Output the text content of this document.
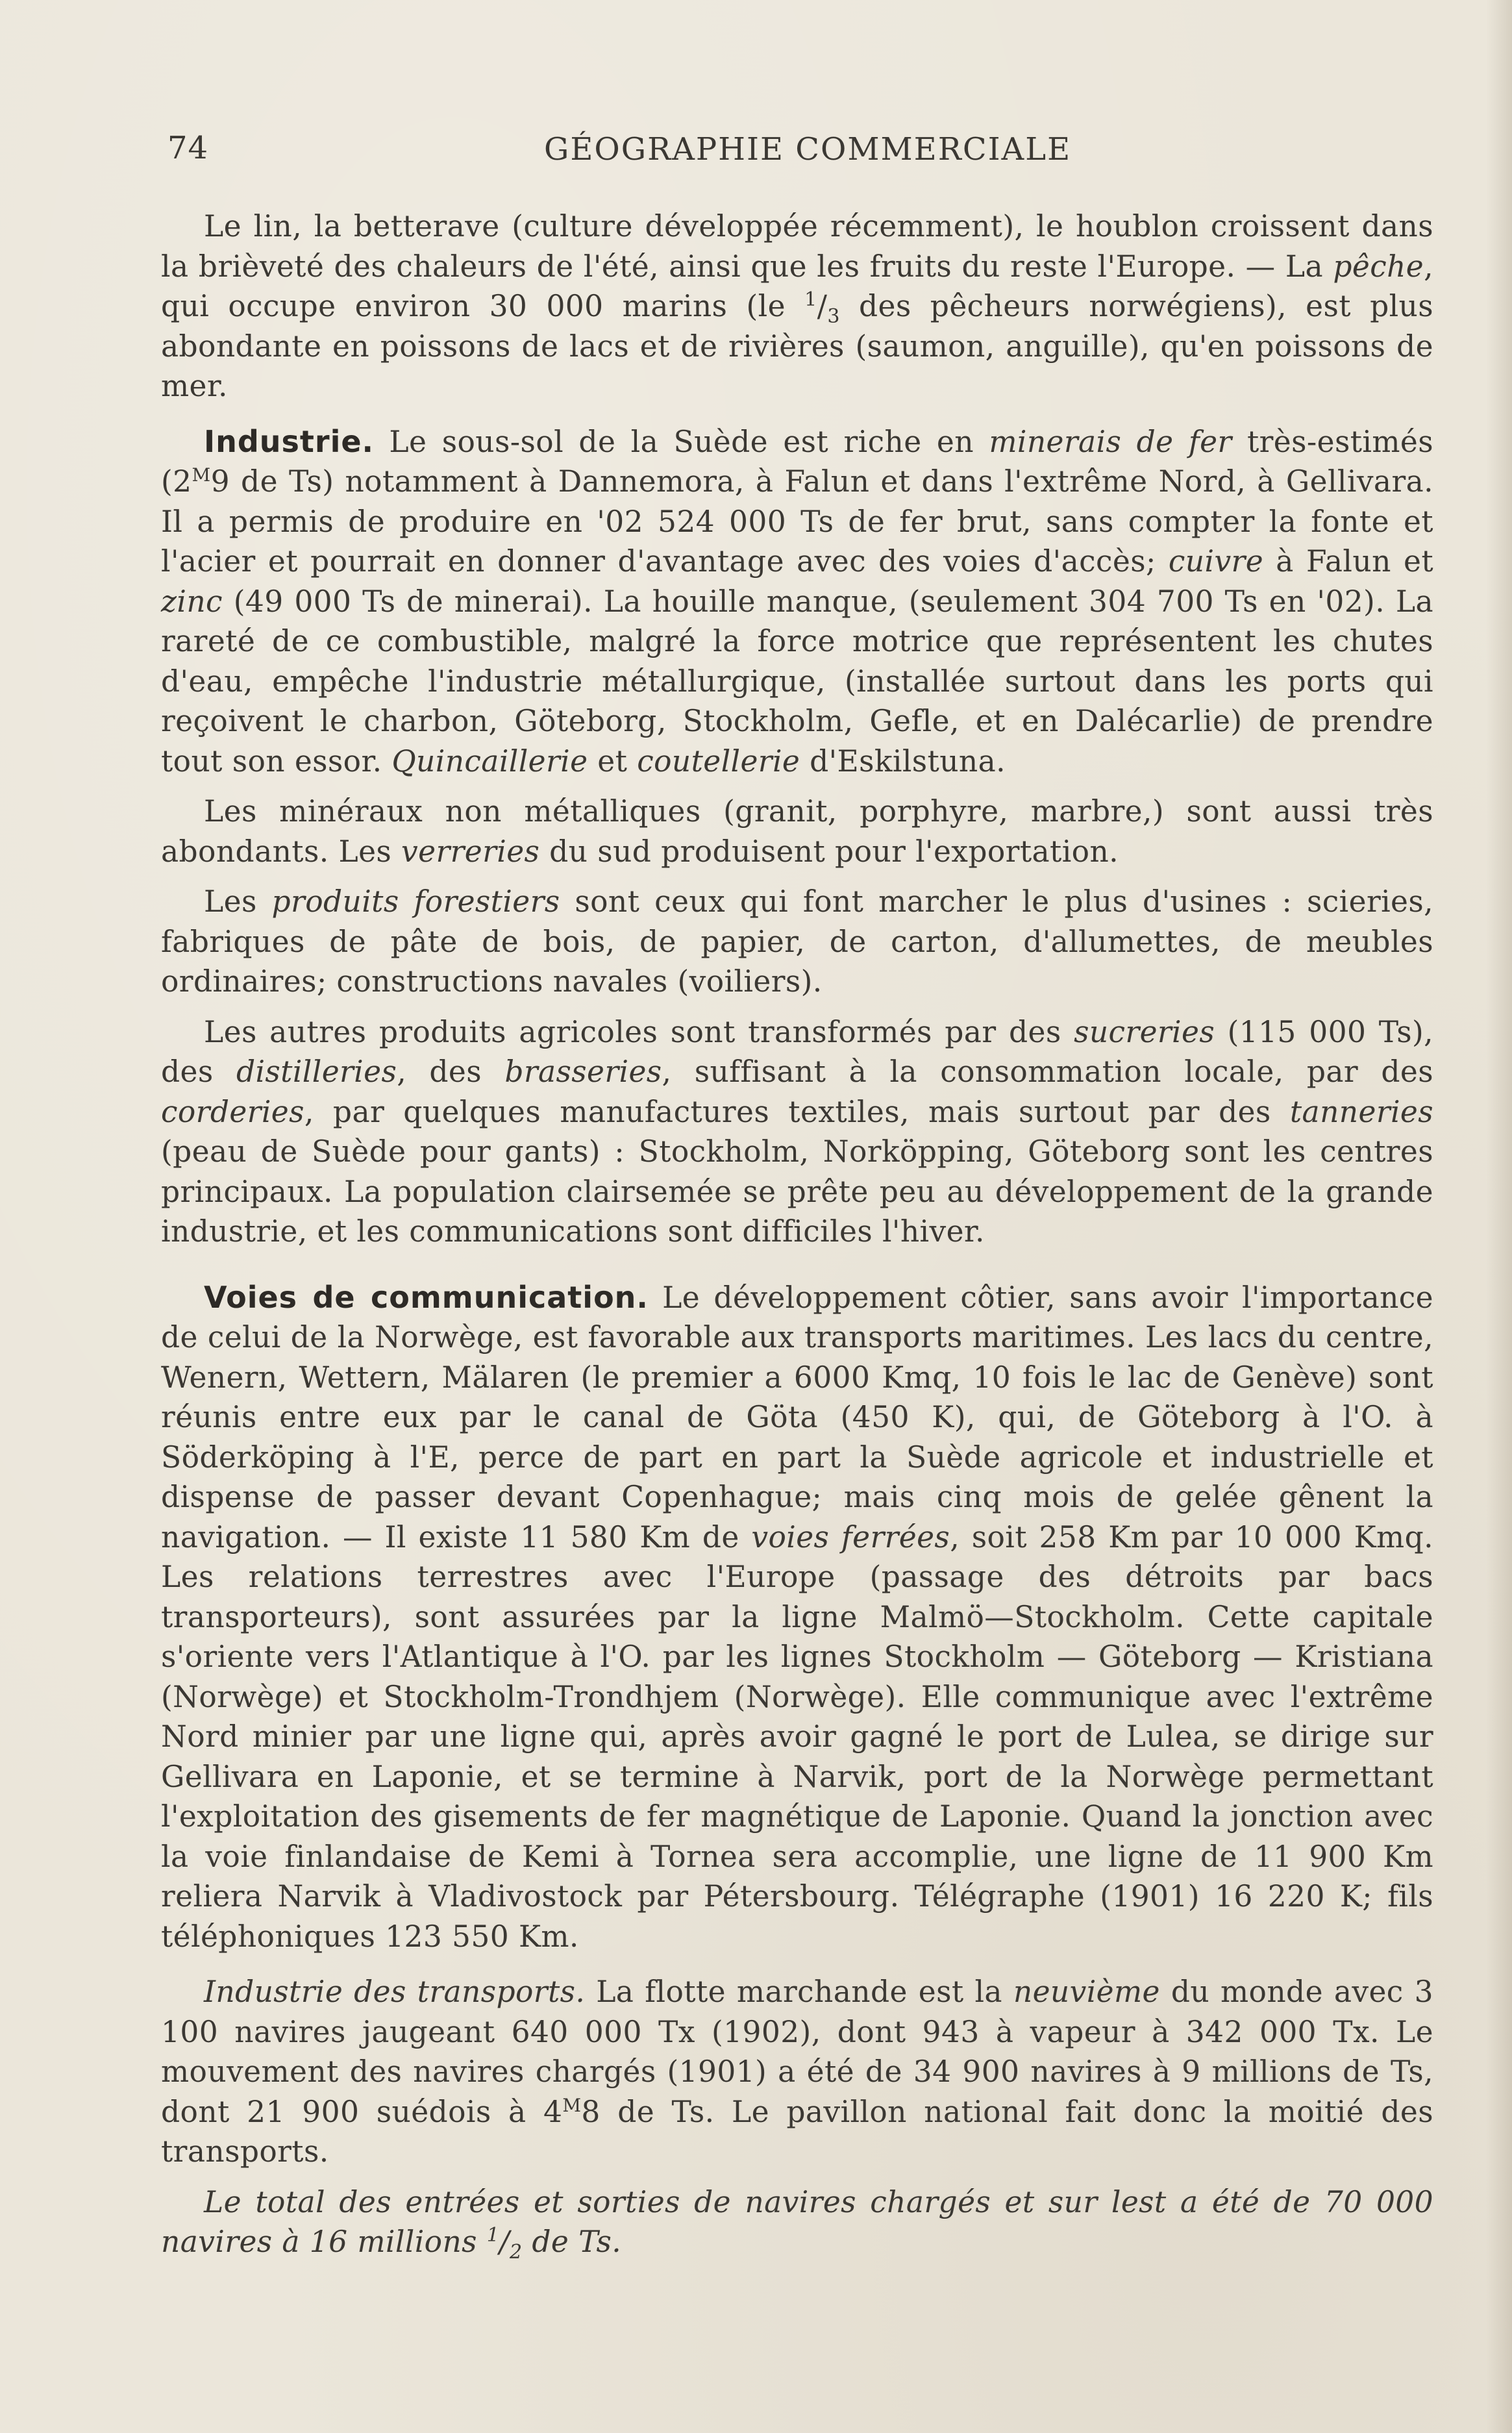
74	GÉOGRAPHIE COMMERCIALE

Le lin, la betterave (culture développée récemment), le houblon croissent dans la brièveté des chaleurs de l'été, ainsi que les fruits du reste l'Europe. — La pêche, qui occupe environ 30 000 marins (le $^1/_3$ des pêcheurs norwégiens), est plus abondante en poissons de lacs et de rivières (saumon, anguille), qu'en poissons de mer.

Industrie. Le sous-sol de la Suède est riche en minerais de fer très-estimés ($2^M9$ de Ts) notamment à Dannemora, à Falun et dans l'extrême Nord, à Gellivara. Il a permis de produire en '02 524 000 Ts de fer brut, sans compter la fonte et l'acier et pourrait en donner d'avantage avec des voies d'accès; cuivre à Falun et zinc (49 000 Ts de minerai). La houille manque, (seulement 304 700 Ts en '02). La rareté de ce combustible, malgré la force motrice que représentent les chutes d'eau, empêche l'industrie métallurgique, (installée surtout dans les ports qui reçoivent le charbon, Göteborg, Stockholm, Gefle, et en Dalécarlie) de prendre tout son essor. Quincaillerie et coutellerie d'Eskilstuna.

Les minéraux non métalliques (granit, porphyre, marbre,) sont aussi très abondants. Les verreries du sud produisent pour l'exportation.

Les produits forestiers sont ceux qui font marcher le plus d'usines : scieries, fabriques de pâte de bois, de papier, de carton, d'allumettes, de meubles ordinaires; constructions navales (voiliers).

Les autres produits agricoles sont transformés par des sucreries (115 000 Ts), des distilleries, des brasseries, suffisant à la consommation locale, par des corderies, par quelques manufactures textiles, mais surtout par des tanneries (peau de Suède pour gants) : Stockholm, Norköpping, Göteborg sont les centres principaux. La population clairsemée se prête peu au développement de la grande industrie, et les communications sont difficiles l'hiver.

Voies de communication. Le développement côtier, sans avoir l'importance de celui de la Norwège, est favorable aux transports maritimes. Les lacs du centre, Wenern, Wettern, Mälaren (le premier a 6000 Kmq, 10 fois le lac de Genève) sont réunis entre eux par le canal de Göta (450 K), qui, de Göteborg à l'O. à Söderköping à l'E, perce de part en part la Suède agricole et industrielle et dispense de passer devant Copenhague; mais cinq mois de gelée gênent la navigation. — Il existe 11 580 Km de voies ferrées, soit 258 Km par 10 000 Kmq. Les relations terrestres avec l'Europe (passage des détroits par bacs transporteurs), sont assurées par la ligne Malmö—Stockholm. Cette capitale s'oriente vers l'Atlantique à l'O. par les lignes Stockholm — Göteborg — Kristiana (Norwège) et Stockholm-Trondhjem (Norwège). Elle communique avec l'extrême Nord minier par une ligne qui, après avoir gagné le port de Lulea, se dirige sur Gellivara en Laponie, et se termine à Narvik, port de la Norwège permettant l'exploitation des gisements de fer magnétique de Laponie. Quand la jonction avec la voie finlandaise de Kemi à Tornea sera accomplie, une ligne de 11 900 Km reliera Narvik à Vladivostock par Pétersbourg. Télégraphe (1901) 16 220 K; fils téléphoniques 123 550 Km.

Industrie des transports. La flotte marchande est la neuvième du monde avec 3 100 navires jaugeant 640 000 Tx (1902), dont 943 à vapeur à 342 000 Tx. Le mouvement des navires chargés (1901) a été de 34 900 navires à 9 millions de Ts, dont 21 900 suédois à $4^M8$ de Ts. Le pavillon national fait donc la moitié des transports.

Le total des entrées et sorties de navires chargés et sur lest a été de 70 000 navires à 16 millions $^1/_2$ de Ts.
